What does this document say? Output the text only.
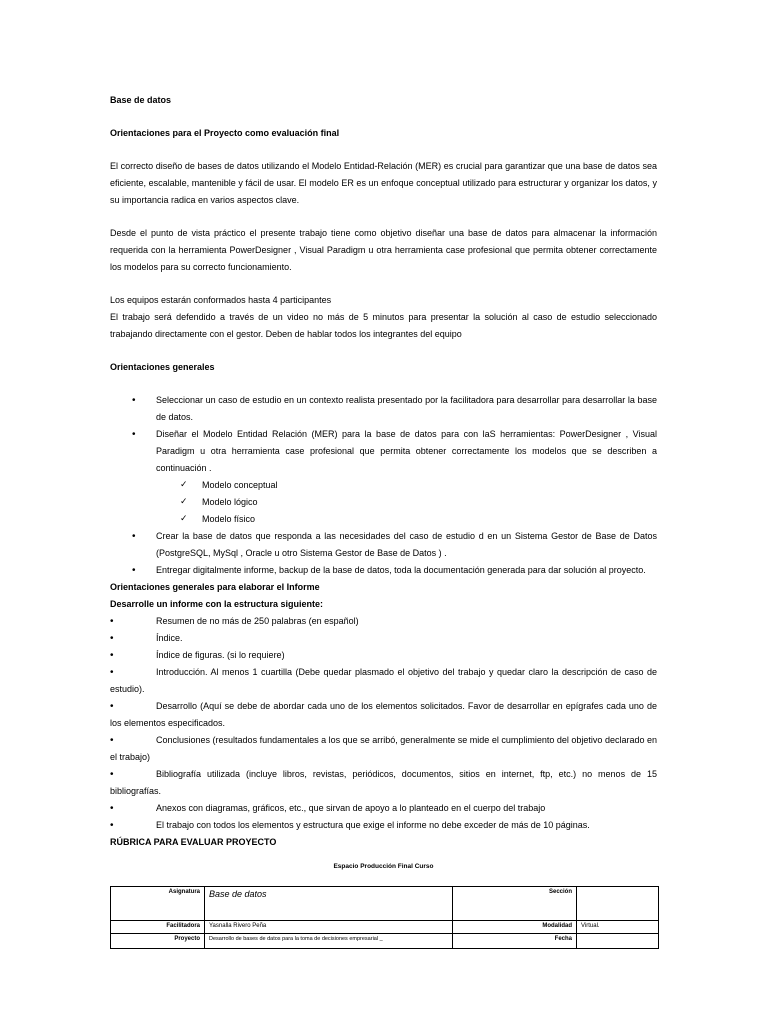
Base de datos

Orientaciones para el Proyecto como evaluación final

El correcto diseño de bases de datos utilizando el Modelo Entidad-Relación (MER) es crucial para garantizar que una base de datos sea eficiente, escalable, mantenible y fácil de usar. El modelo ER es un enfoque conceptual utilizado para estructurar y organizar los datos, y su importancia radica en varios aspectos clave.

Desde el punto de vista práctico el presente trabajo tiene como objetivo diseñar una base de datos para almacenar la información requerida con la herramienta PowerDesigner , Visual Paradigm u otra herramienta case profesional que permita obtener correctamente los modelos para su correcto funcionamiento.

Los equipos estarán conformados hasta 4 participantes

El trabajo será defendido a través de un video no más de 5 minutos para presentar la solución al caso de estudio seleccionado trabajando directamente con el gestor. Deben de hablar todos los integrantes del equipo

Orientaciones generales

• Seleccionar un caso de estudio en un contexto realista presentado por la facilitadora para desarrollar para desarrollar la base de datos.
• Diseñar el Modelo Entidad Relación (MER) para la base de datos para con laS herramientas: PowerDesigner , Visual Paradigm u otra herramienta case profesional que permita obtener correctamente los modelos que se describen a continuación .
✓ Modelo conceptual
✓ Modelo lógico
✓ Modelo físico
• Crear la base de datos que responda a las necesidades del caso de estudio d en un Sistema Gestor de Base de Datos (PostgreSQL, MySql , Oracle u otro Sistema Gestor de Base de Datos ) .
• Entregar digitalmente informe, backup de la base de datos, toda la documentación generada para dar solución al proyecto.

Orientaciones generales para elaborar el Informe

Desarrolle un informe con la estructura siguiente:

•	Resumen de no más de 250 palabras (en español)

•	Índice.

•	Índice de figuras. (si lo requiere)

•	Introducción. Al menos 1 cuartilla (Debe quedar plasmado el objetivo del trabajo y quedar claro la descripción de caso de estudio).

•	Desarrollo (Aquí se debe de abordar cada uno de los elementos solicitados. Favor de desarrollar en epígrafes cada uno de los elementos especificados.

•	Conclusiones (resultados fundamentales a los que se arribó, generalmente se mide el cumplimiento del objetivo declarado en el trabajo)

•	Bibliografía utilizada (incluye libros, revistas, periódicos, documentos, sitios en internet, ftp, etc.) no menos de 15 bibliografías.

•	Anexos con diagramas, gráficos, etc., que sirvan de apoyo a lo planteado en el cuerpo del trabajo

•	El trabajo con todos los elementos y estructura que exige el informe no debe exceder de más de 10 páginas.

RÚBRICA PARA EVALUAR PROYECTO

Espacio Producción Final Curso

Asignatura	Base de datos	Sección	
Facilitadora	Yasnalla Rivero Peña	Modalidad	Virtual.
Proyecto	Desarrollo de bases de datos para la toma de decisiones empresarial _	Fecha	
